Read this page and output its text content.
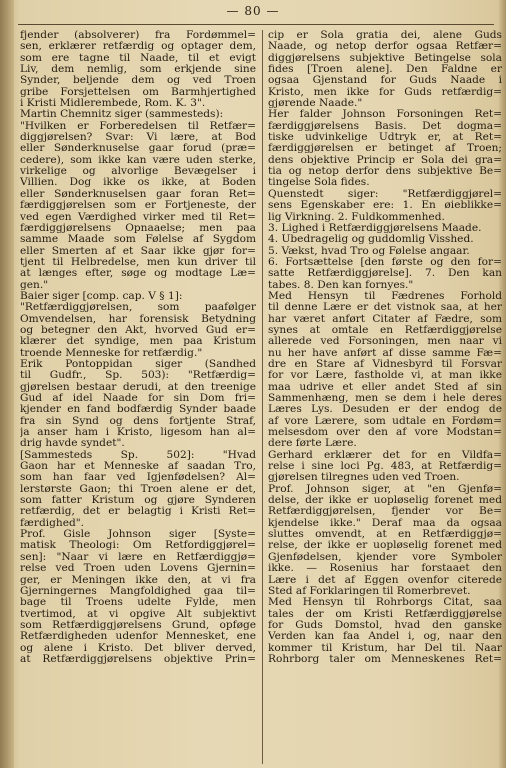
— 80 —
fjender (absolverer) fra Fordømmel=
sen, erklærer retfærdig og optager dem,
som ere tagne til Naade, til et evigt
Liv, dem nemlig, som erkjende sine
Synder, beljende dem og ved Troen
gribe Forsjettelsen om Barmhjertighed
i Kristi Midlerembede, Rom. K. 3".
Martin Chemnitz siger (sammesteds):
"Hvilken er Forberedelsen til Retfær=
diggjørelsen? Svar: Vi lære, at Bod
eller Sønderknuselse gaar forud (præ=
cedere), som ikke kan være uden sterke,
virkelige og alvorlige Bevægelser i
Villien. Dog ikke os ikke, at Boden
eller Sønderknuselsen gaar foran Ret=
færdiggjørelsen som er Fortjeneste, der
ved egen Værdighed virker med til Ret=
færdiggjørelsens Opnaaelse; men paa
samme Maade som Følelse af Sygdom
eller Smerten af et Saar ikke gjør for=
tjent til Helbredelse, men kun driver til
at længes efter, søge og modtage Læ=
gen."
Baier siger [comp. cap. V § 1]:
"Retfærdiggjørelsen, som paafølger
Omvendelsen, har forensisk Betydning
og betegner den Akt, hvorved Gud er=
klærer det syndige, men paa Kristum
troende Menneske for retfærdig."
Erik Pontoppidan siger (Sandhed
til Gudfr., Sp. 503): "Retfærdig=
gjørelsen bestaar derudi, at den treenige
Gud af idel Naade for sin Dom fri=
kjender en fand bodfærdig Synder baade
fra sin Synd og dens fortjente Straf,
ja anser ham i Kristo, ligesom han al=
drig havde syndet".
[Sammesteds Sp. 502]: "Hvad
Gaon har et Menneske af saadan Tro,
som han faar ved Igjenfødelsen? Al=
lerstørste Gaon; thi Troen alene er det,
som fatter Kristum og gjøre Synderen
retfærdig, det er belagtig i Kristi Ret=
færdighed".
Prof. Gisle Johnson siger [Syste=
matisk Theologi: Om Retfordiggjørel=
sen]: "Naar vi lære en Retfærdiggjø=
relse ved Troen uden Lovens Gjernin=
ger, er Meningen ikke den, at vi fra
Gjerningernes Mangfoldighed gaa til=
bage til Troens udelte Fylde, men
tvertimod, at vi opgive Alt subjektivt
som Retfærdiggjørelsens Grund, opføge
Retfærdigheden udenfor Mennesket, ene
og alene i Kristo. Det bliver derved,
at Retfærdiggjørelsens objektive Prin=
cip er Sola gratia dei, alene Guds
Naade, og netop derfor ogsaa Retfær=
diggjørelsens subjektive Betingelse sola
fides [Troen alene]. Den Faldne er
ogsaa Gjenstand for Guds Naade i
Kristo, men ikke for Guds retfærdig=
gjørende Naade."
Her falder Johnson Forsoningen Ret=
færdiggjørelsens Basis. Det dogma=
tiske udvinkelige Udtryk er, at Ret=
færdiggjørelsen er betinget af Troen;
dens objektive Princip er Sola dei gra=
tia og netop derfor dens subjektive Be=
tingelse Sola fides.
Quenstedt siger: "Retfærdiggjørel=
sens Egenskaber ere: 1. En øieblikke=
lig Virkning. 2. Fuldkommenhed.
3. Lighed i Retfærdiggjørelsens Maade.
4. Ubedragelig og guddomlig Visshed.
5. Vækst, hvad Tro og Følelse angaar.
6. Fortsættelse [den første og den for=
satte Retfærdiggjørelse]. 7. Den kan
tabes. 8. Den kan fornyes."
Med Hensyn til Fædrenes Forhold
til denne Lære er det vistnok saa, at her
har været anført Citater af Fædre, som
synes at omtale en Retfærdiggjørelse
allerede ved Forsoningen, men naar vi
nu her have anført af disse samme Fæ=
dre en Stare af Vidnesbyrd til Forsvar
for vor Lære, fastholde vi, at man ikke
maa udrive et eller andet Sted af sin
Sammenhæng, men se dem i hele deres
Læres Lys. Desuden er der endog de
af vore Lærere, som udtale en Fordøm=
melsesdom over den af vore Modstan=
dere førte Lære.
Gerhard erklærer det for en Vildfa=
relse i sine loci Pg. 483, at Retfærdig=
gjørelsen tilregnes uden ved Troen.
Prof. Johnson siger, at "en Gjenfø=
delse, der ikke er uopløselig forenet med
Retfærdiggjørelsen, fjender vor Be=
kjendelse ikke." Deraf maa da ogsaa
sluttes omvendt, at en Retfærdiggjø=
relse, der ikke er uopløselig forenet med
Gjenfødelsen, kjender vore Symboler
ikke. — Rosenius har forstaaet den
Lære i det af Eggen ovenfor citerede
Sted af Forklaringen til Romerbrevet.
Med Hensyn til Rohrborgs Citat, saa
tales der om Kristi Retfærdiggjørelse
for Guds Domstol, hvad den ganske
Verden kan faa Andel i, og, naar den
kommer til Kristum, har Del til. Naar
Rohrborg taler om Menneskenes Ret=
